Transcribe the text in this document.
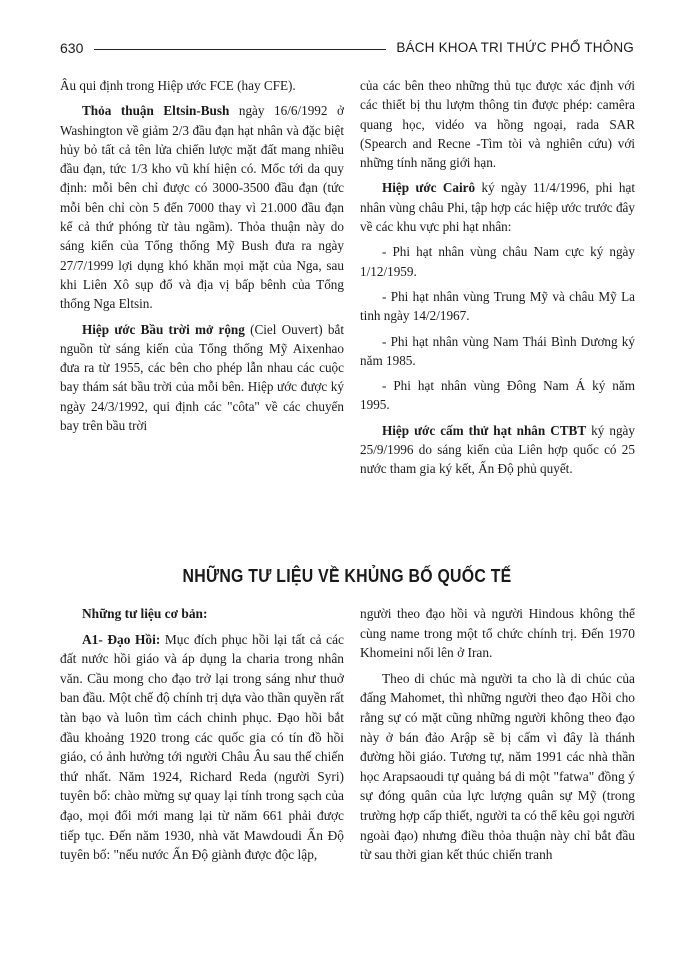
630	BÁCH KHOA TRI THỨC PHỔ THÔNG

Âu qui định trong Hiệp ước FCE (hay CFE).

Thỏa thuận Eltsin-Bush ngày 16/6/1992 ở Washington về giảm 2/3 đầu đạn hạt nhân và đặc biệt hủy bỏ tất cả tên lửa chiến lược mặt đất mang nhiều đầu đạn, tức 1/3 kho vũ khí hiện có. Mốc tới da quy định: mỗi bên chỉ được có 3000-3500 đầu đạn (tức mỗi bên chỉ còn 5 đến 7000 thay vì 21.000 đầu đạn kể cả thứ phóng từ tàu ngầm). Thỏa thuận này do sáng kiến của Tổng thống Mỹ Bush đưa ra ngày 27/7/1999 lợi dụng khó khăn mọi mặt của Nga, sau khi Liên Xô sụp đổ và địa vị bấp bênh của Tổng thống Nga Eltsin.

Hiệp ước Bầu trời mở rộng (Ciel Ouvert) bắt nguồn từ sáng kiến của Tổng thống Mỹ Aixenhao đưa ra từ 1955, các bên cho phép lẫn nhau các cuộc bay thám sát bầu trời của mỗi bên. Hiệp ước được ký ngày 24/3/1992, qui định các "côta" về các chuyến bay trên bầu trời

của các bên theo những thủ tục được xác định với các thiết bị thu lượm thông tin được phép: camêra quang học, vidéo va hồng ngoại, rada SAR (Spearch and Recne -Tìm tòi và nghiên cứu) với những tính năng giới hạn.

Hiệp ước Cairô ký ngày 11/4/1996, phi hạt nhân vùng châu Phi, tập hợp các hiệp ước trước đây về các khu vực phi hạt nhân:

- Phi hạt nhân vùng châu Nam cực ký ngày 1/12/1959.

- Phi hạt nhân vùng Trung Mỹ và châu Mỹ La tinh ngày 14/2/1967.

- Phi hạt nhân vùng Nam Thái Bình Dương ký năm 1985.

- Phi hạt nhân vùng Đông Nam Á ký năm 1995.

Hiệp ước cấm thử hạt nhân CTBT ký ngày 25/9/1996 do sáng kiến của Liên hợp quốc có 25 nước tham gia ký kết, Ấn Độ phủ quyết.

NHỮNG TƯ LIỆU VỀ KHỦNG BỐ QUỐC TẾ

Những tư liệu cơ bản:

A1- Đạo Hồi: Mục đích phục hồi lại tất cả các đất nước hồi giáo và áp dụng la charia trong nhân văn. Cầu mong cho đạo trở lại trong sáng như thuở ban đầu. Một chế độ chính trị dựa vào thần quyền rất tàn bạo và luôn tìm cách chinh phục. Đạo hồi bắt đầu khoảng 1920 trong các quốc gia có tín đồ hồi giáo, có ảnh hưởng tới người Châu Âu sau thế chiến thứ nhất. Năm 1924, Richard Reda (người Syri) tuyên bố: chào mừng sự quay lại tính trong sạch của đạo, mọi đổi mới mang lại từ năm 661 phải được tiếp tục. Đến năm 1930, nhà văt Mawdoudi Ấn Độ tuyên bố: "nếu nước Ấn Độ giành được độc lập,

người theo đạo hồi và người Hindous không thể cùng name trong một tổ chức chính trị. Đến 1970 Khomeini nổi lên ở Iran.

Theo di chúc mà người ta cho là di chúc của đấng Mahomet, thì những người theo đạo Hồi cho rằng sự có mặt cũng những người không theo đạo này ở bán đảo Arập sẽ bị cấm vì đây là thánh đường hồi giáo. Tương tự, năm 1991 các nhà thần học Arapsaoudi tự quảng bá di một "fatwa" đồng ý sự đóng quân của lực lượng quân sự Mỹ (trong trường hợp cấp thiết, người ta có thể kêu gọi người ngoài đạo) nhưng điều thỏa thuận này chỉ bắt đầu từ sau thời gian kết thúc chiến tranh
